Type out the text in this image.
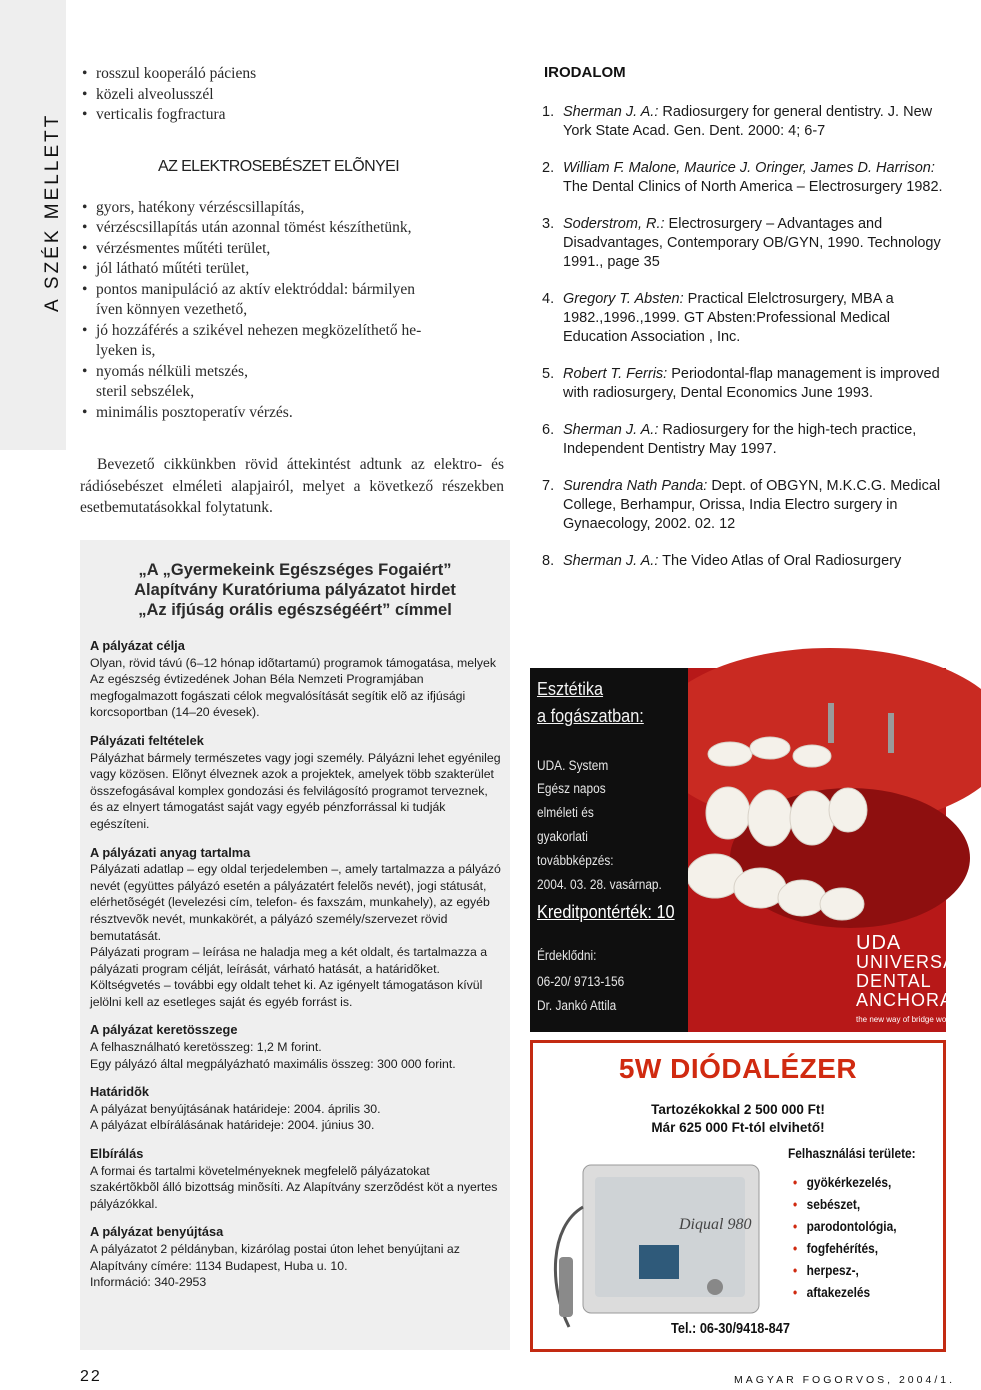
A SZÉK MELLETT
• rosszul kooperáló páciens
• közeli alveolusszél
• verticalis fogfractura
AZ ELEKTROSEBÉSZET ELÕNYEI
• gyors, hatékony vérzéscsillapítás,
• vérzéscsillapítás után azonnal tömést készíthetünk,
• vérzésmentes műtéti terület,
• jól látható műtéti terület,
• pontos manipuláció az aktív elektróddal: bármilyen
íven könnyen vezethető,
• jó hozzáférés a szikével nehezen megközelíthető he-
lyeken is,
• nyomás nélküli metszés,
steril sebszélek,
• minimális posztoperatív vérzés.

Bevezető cikkünkben rövid áttekintést adtunk az elektro- és rádiósebészet elméleti alapjairól, melyet a következő részekben esetbemutatásokkal folytatunk.

„A „Gyermekeink Egészséges Fogaiért”
Alapítvány Kuratóriuma pályázatot hirdet
„Az ifjúság orális egészségéért” címmel
A pályázat célja
Olyan, rövid távú (6–12 hónap idõtartamú) programok támogatása, melyek Az egészség évtizedének Johan Béla Nemzeti Programjában megfogalmazott fogászati célok megvalósítását segítik elõ az ifjúsági korcsoportban (14–20 évesek).
Pályázati feltételek
Pályázhat bármely természetes vagy jogi személy. Pályázni lehet egyénileg vagy közösen. Elõnyt élveznek azok a projektek, amelyek több szakterület összefogásával komplex gondozási és felvilágosító programot terveznek, és az elnyert támogatást saját vagy egyéb pénzforrással ki tudják egészíteni.
A pályázati anyag tartalma
Pályázati adatlap – egy oldal terjedelemben –, amely tartalmazza a pályázó nevét (együttes pályázó esetén a pályázatért felelõs nevét), jogi státusát, elérhetõségét (levelezési cím, telefon- és faxszám, munkahely), az egyéb résztvevõk nevét, munkakörét, a pályázó személy/szervezet rövid bemutatását.
Pályázati program – leírása ne haladja meg a két oldalt, és tartalmazza a pályázati program célját, leírását, várható hatását, a határidõket.
Költségvetés – további egy oldalt tehet ki. Az igényelt támogatáson kívül jelölni kell az esetleges saját és egyéb forrást is.
A pályázat keretösszege
A felhasználható keretösszeg: 1,2 M forint.
Egy pályázó által megpályázható maximális összeg: 300 000 forint.
Határidõk
A pályázat benyújtásának határideje: 2004. április 30.
A pályázat elbírálásának határideje: 2004. június 30.
Elbírálás
A formai és tartalmi követelményeknek megfelelõ pályázatokat szakértõkbõl álló bizottság minõsíti. Az Alapítvány szerzõdést köt a nyertes pályázókkal.
A pályázat benyújtása
A pályázatot 2 példányban, kizárólag postai úton lehet benyújtani az Alapítvány címére: 1134 Budapest, Huba u. 10.
Információ: 340-2953
IRODALOM
1. Sherman J. A.: Radiosurgery for general dentistry. J. New York State Acad. Gen. Dent. 2000: 4; 6-7
2. William F. Malone, Maurice J. Oringer, James D. Harrison: The Dental Clinics of North America – Electrosurgery 1982.
3. Soderstrom, R.: Electrosurgery – Advantages and Disadvantages, Contemporary OB/GYN, 1990. Technology 1991., page 35
4. Gregory T. Absten: Practical Elelctrosurgery, MBA a 1982.,1996.,1999. GT Absten:Professional Medical Education Association , Inc.
5. Robert T. Ferris: Periodontal-flap management is improved with radiosurgery, Dental Economics June 1993.
6. Sherman J. A.: Radiosurgery for the high-tech practice, Independent Dentistry May 1997.
7. Surendra Nath Panda: Dept. of OBGYN, M.K.C.G. Medical College, Berhampur, Orissa, India Electro surgery in Gynaecology, 2002. 02. 12
8. Sherman J. A.: The Video Atlas of Oral Radiosurgery
Esztétika
a fogászatban:
UDA. System
Egész napos
elméleti és
gyakorlati
továbbképzés:
2004. 03. 28. vasárnap.
Kreditpontérték: 10
Érdeklődni:
06-20/ 9713-156
Dr. Jankó Attila
UDA
UNIVERSAL
DENTAL
ANCHORAGE
the new way of bridge work
5W DIÓDALÉZER
Tartozékokkal 2 500 000 Ft!
Már 625 000 Ft-tól elvihető!
Diqual 980
Felhasználási területe:
• gyökérkezelés,
• sebészet,
• parodontológia,
• fogfehérítés,
• herpesz-,
• aftakezelés
Tel.: 06-30/9418-847
22	MAGYAR FOGORVOS, 2004/1.
